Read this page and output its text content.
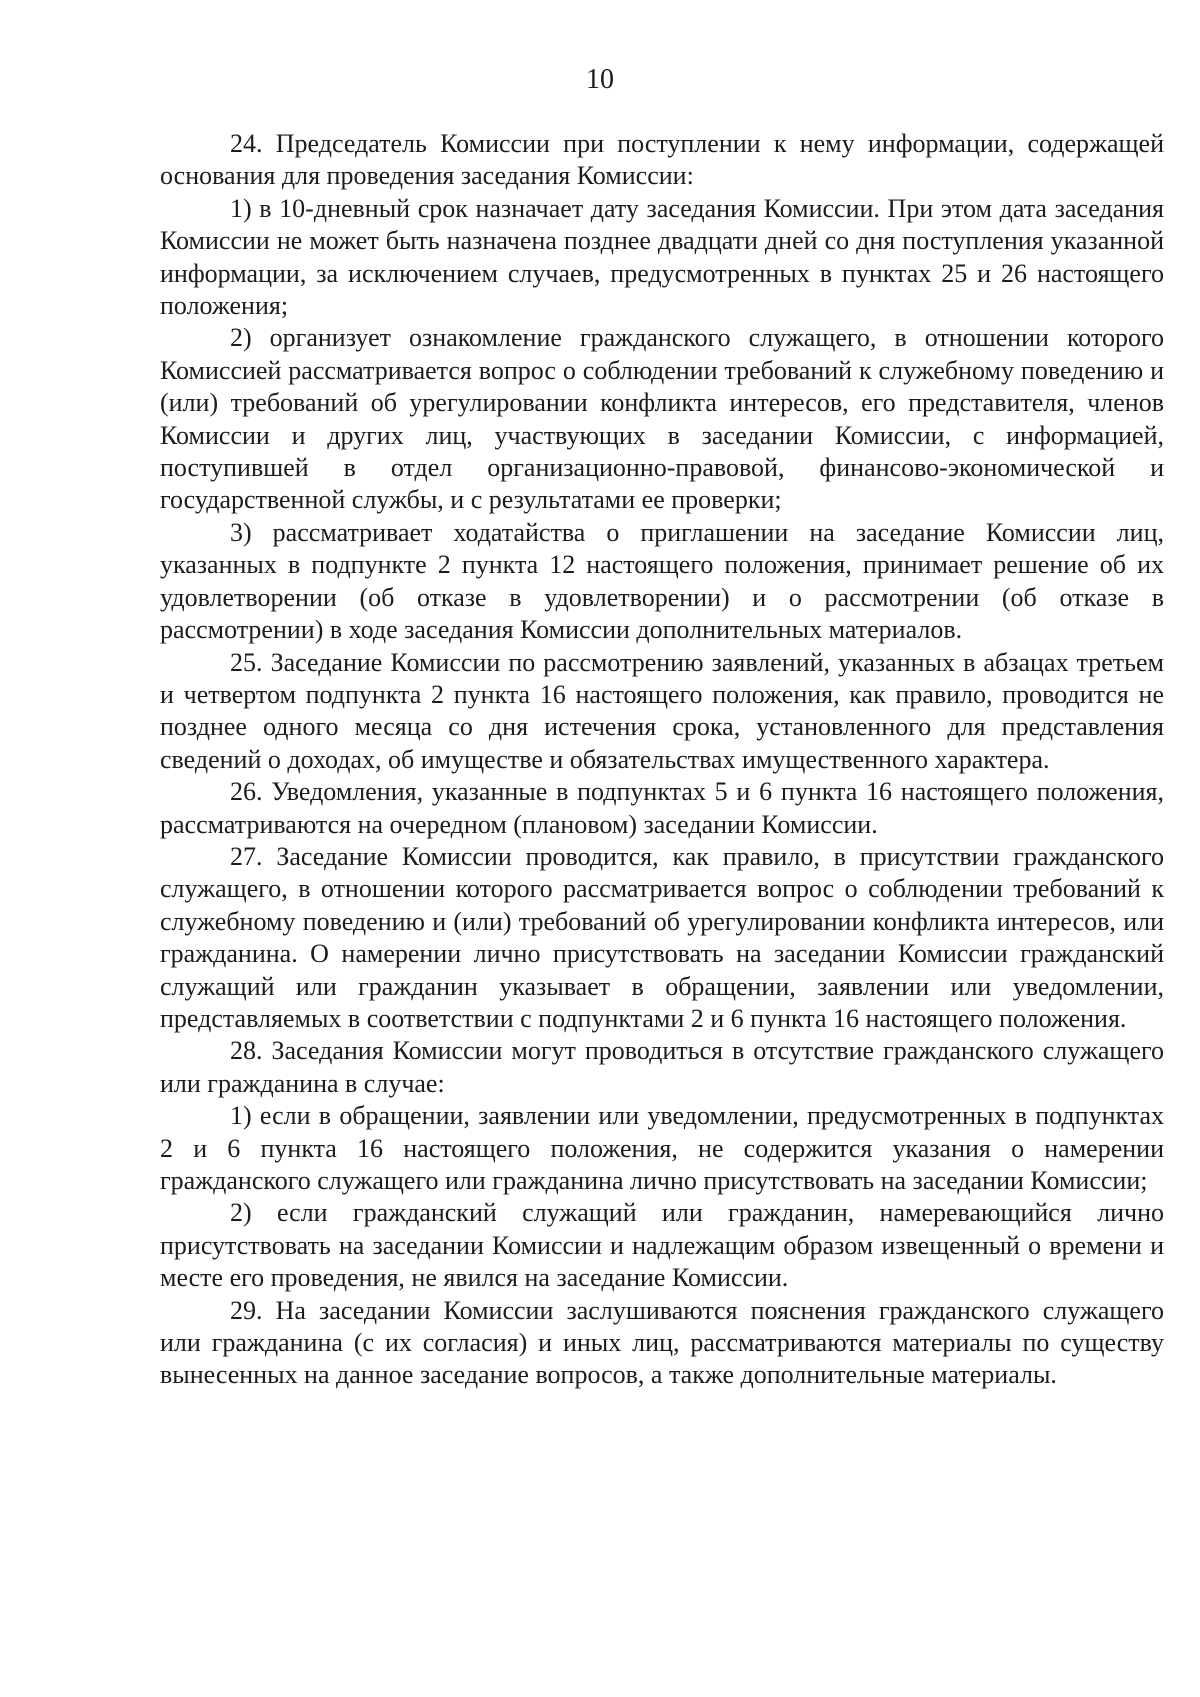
10

24. Председатель Комиссии при поступлении к нему информации, содержащей основания для проведения заседания Комиссии:

1) в 10-дневный срок назначает дату заседания Комиссии. При этом дата заседания Комиссии не может быть назначена позднее двадцати дней со дня поступления указанной информации, за исключением случаев, предусмотренных в пунктах 25 и 26 настоящего положения;

2) организует ознакомление гражданского служащего, в отношении которого Комиссией рассматривается вопрос о соблюдении требований к служебному поведению и (или) требований об урегулировании конфликта интересов, его представителя, членов Комиссии и других лиц, участвующих в заседании Комиссии, с информацией, поступившей в отдел организационно-правовой, финансово-экономической и государственной службы, и с результатами ее проверки;

3) рассматривает ходатайства о приглашении на заседание Комиссии лиц, указанных в подпункте 2 пункта 12 настоящего положения, принимает решение об их удовлетворении (об отказе в удовлетворении) и о рассмотрении (об отказе в рассмотрении) в ходе заседания Комиссии дополнительных материалов.

25. Заседание Комиссии по рассмотрению заявлений, указанных в абзацах третьем и четвертом подпункта 2 пункта 16 настоящего положения, как правило, проводится не позднее одного месяца со дня истечения срока, установленного для представления сведений о доходах, об имуществе и обязательствах имущественного характера.

26. Уведомления, указанные в подпунктах 5 и 6 пункта 16 настоящего положения, рассматриваются на очередном (плановом) заседании Комиссии.

27. Заседание Комиссии проводится, как правило, в присутствии гражданского служащего, в отношении которого рассматривается вопрос о соблюдении требований к служебному поведению и (или) требований об урегулировании конфликта интересов, или гражданина. О намерении лично присутствовать на заседании Комиссии гражданский служащий или гражданин указывает в обращении, заявлении или уведомлении, представляемых в соответствии с подпунктами 2 и 6 пункта 16 настоящего положения.

28. Заседания Комиссии могут проводиться в отсутствие гражданского служащего или гражданина в случае:

1) если в обращении, заявлении или уведомлении, предусмотренных в подпунктах 2 и 6 пункта 16 настоящего положения, не содержится указания о намерении гражданского служащего или гражданина лично присутствовать на заседании Комиссии;

2) если гражданский служащий или гражданин, намеревающийся лично присутствовать на заседании Комиссии и надлежащим образом извещенный о времени и месте его проведения, не явился на заседание Комиссии.

29. На заседании Комиссии заслушиваются пояснения гражданского служащего или гражданина (с их согласия) и иных лиц, рассматриваются материалы по существу вынесенных на данное заседание вопросов, а также дополнительные материалы.
